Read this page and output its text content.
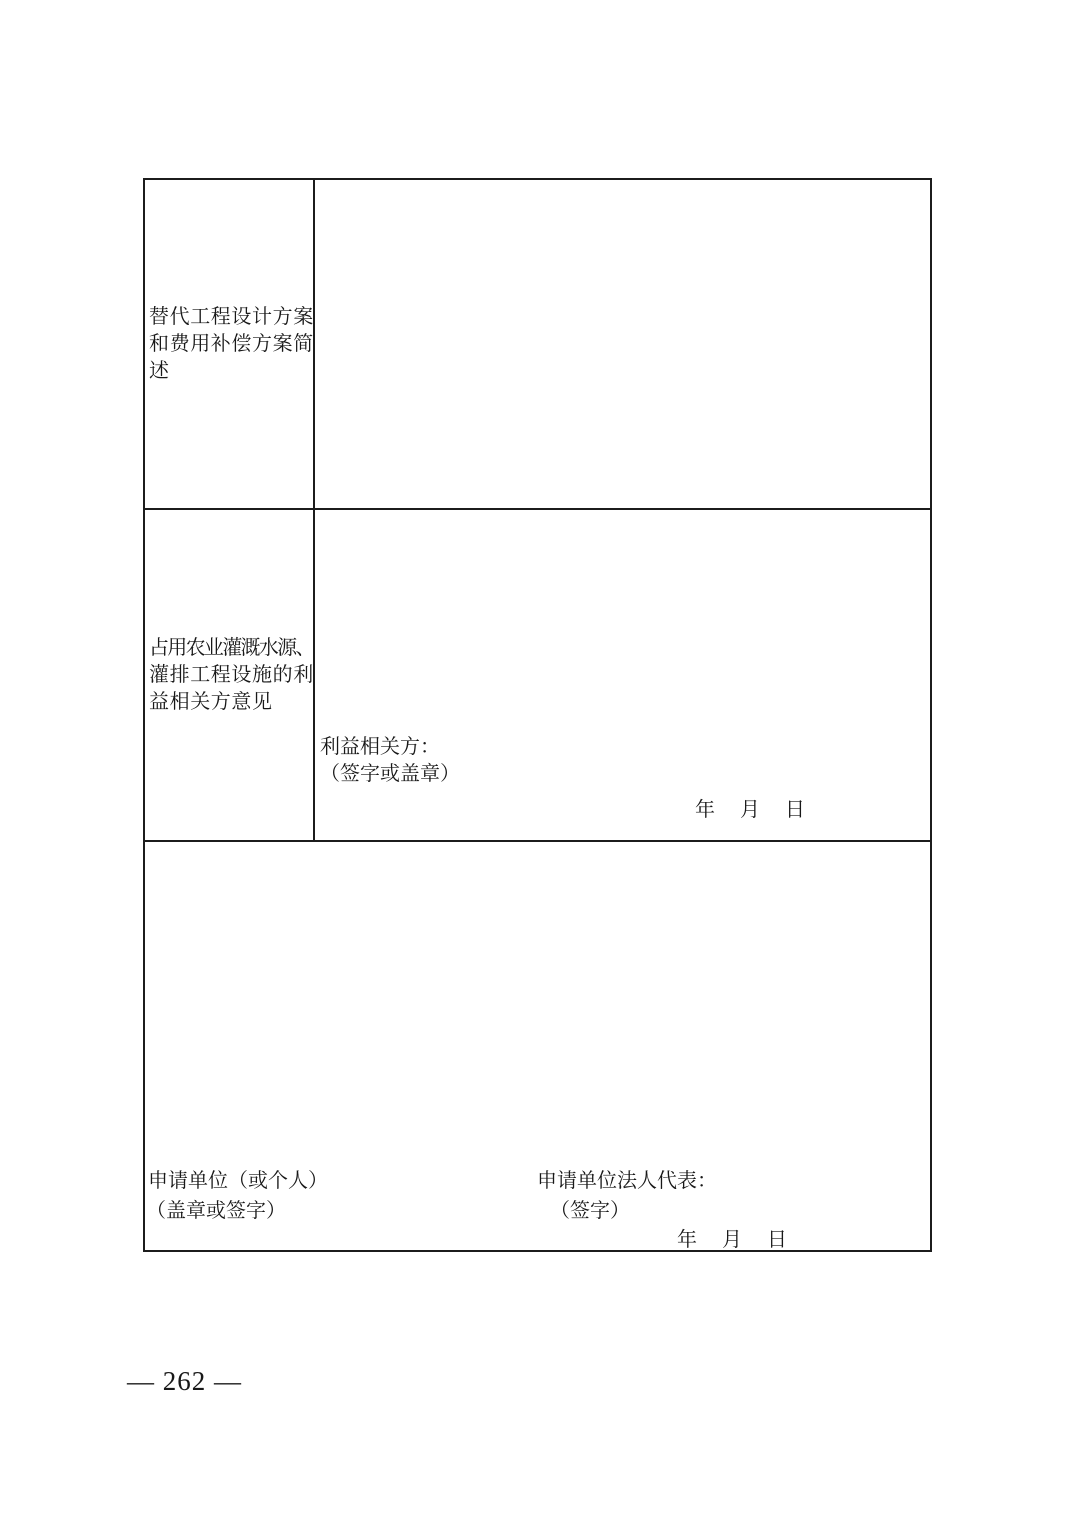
替代工程设计方案
和费用补偿方案简
述
占用农业灌溉水源、
灌排工程设施的利
益相关方意见
利益相关方：
（签字或盖章）
年　 月　 日
申请单位（或个人）
（盖章或签字）
申请单位法人代表：
（签字）
年　 月　 日
— 262 —
